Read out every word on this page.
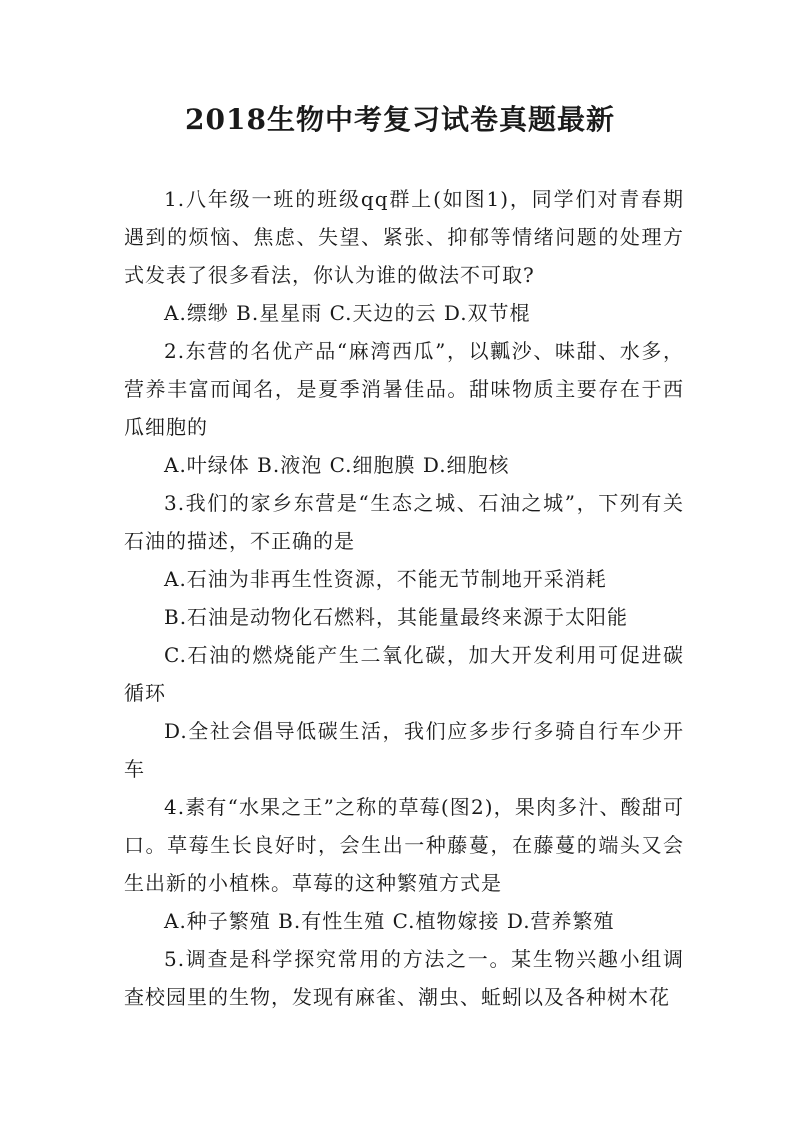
2018生物中考复习试卷真题最新

1.八年级一班的班级qq群上(如图1)，同学们对青春期遇到的烦恼、焦虑、失望、紧张、抑郁等情绪问题的处理方式发表了很多看法，你认为谁的做法不可取?

A.缥缈 B.星星雨 C.天边的云 D.双节棍

2.东营的名优产品“麻湾西瓜”，以瓤沙、味甜、水多，营养丰富而闻名，是夏季消暑佳品。甜味物质主要存在于西瓜细胞的

A.叶绿体 B.液泡 C.细胞膜 D.细胞核

3.我们的家乡东营是“生态之城、石油之城”，下列有关石油的描述，不正确的是

A.石油为非再生性资源，不能无节制地开采消耗

B.石油是动物化石燃料，其能量最终来源于太阳能

C.石油的燃烧能产生二氧化碳，加大开发利用可促进碳循环

D.全社会倡导低碳生活，我们应多步行多骑自行车少开车

4.素有“水果之王”之称的草莓(图2)，果肉多汁、酸甜可口。草莓生长良好时，会生出一种藤蔓，在藤蔓的端头又会生出新的小植株。草莓的这种繁殖方式是

A.种子繁殖 B.有性生殖 C.植物嫁接 D.营养繁殖

5.调查是科学探究常用的方法之一。某生物兴趣小组调查校园里的生物，发现有麻雀、潮虫、蚯蚓以及各种树木花
